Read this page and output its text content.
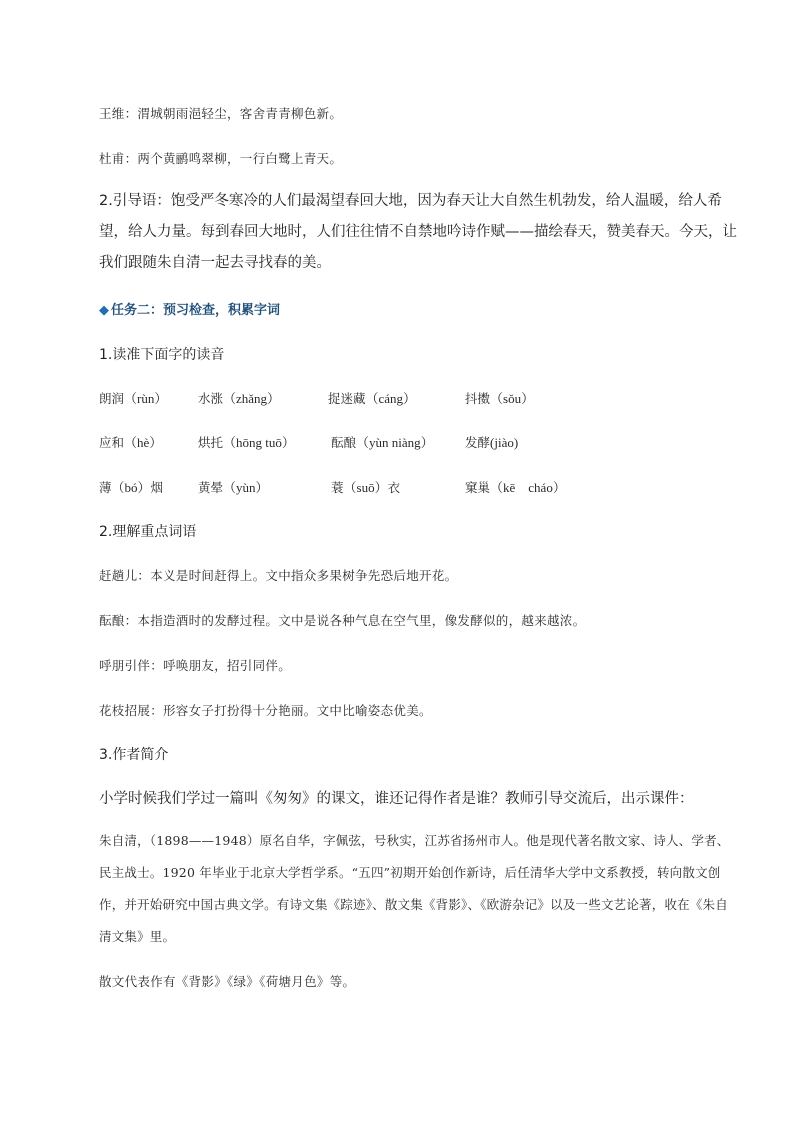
王维：渭城朝雨浥轻尘，客舍青青柳色新。
杜甫：两个黄鹂鸣翠柳，一行白鹭上青天。
2.引导语：饱受严冬寒冷的人们最渴望春回大地，因为春天让大自然生机勃发，给人温暖，给人希望，给人力量。每到春回大地时，人们往往情不自禁地吟诗作赋——描绘春天，赞美春天。今天，让我们跟随朱自清一起去寻找春的美。
◆ 任务二：预习检查，积累字词
1.读准下面字的读音
朗润（rùn） 水涨（zhǎng）	捉迷藏（cáng）	抖擞（sǒu）
应和（hè）	烘托（hōng tuō）	酝酿（yùn niàng）	发酵(jiào)
薄（bó）烟	黄晕（yùn）	蓑（suō）衣	窠巢（kē　cháo）
2.理解重点词语
赶趟儿：本义是时间赶得上。文中指众多果树争先恐后地开花。
酝酿：本指造酒时的发酵过程。文中是说各种气息在空气里，像发酵似的，越来越浓。
呼朋引伴：呼唤朋友，招引同伴。
花枝招展：形容女子打扮得十分艳丽。文中比喻姿态优美。
3.作者简介
小学时候我们学过一篇叫《匆匆》的课文，谁还记得作者是谁？教师引导交流后，出示课件：
朱自清，（1898——1948）原名自华，字佩弦，号秋实，江苏省扬州市人。他是现代著名散文家、诗人、学者、民主战士。1920 年毕业于北京大学哲学系。“五四”初期开始创作新诗，后任清华大学中文系教授，转向散文创作，并开始研究中国古典文学。有诗文集《踪迹》、散文集《背影》、《欧游杂记》以及一些文艺论著，收在《朱自清文集》里。
散文代表作有《背影》《绿》《荷塘月色》等。
